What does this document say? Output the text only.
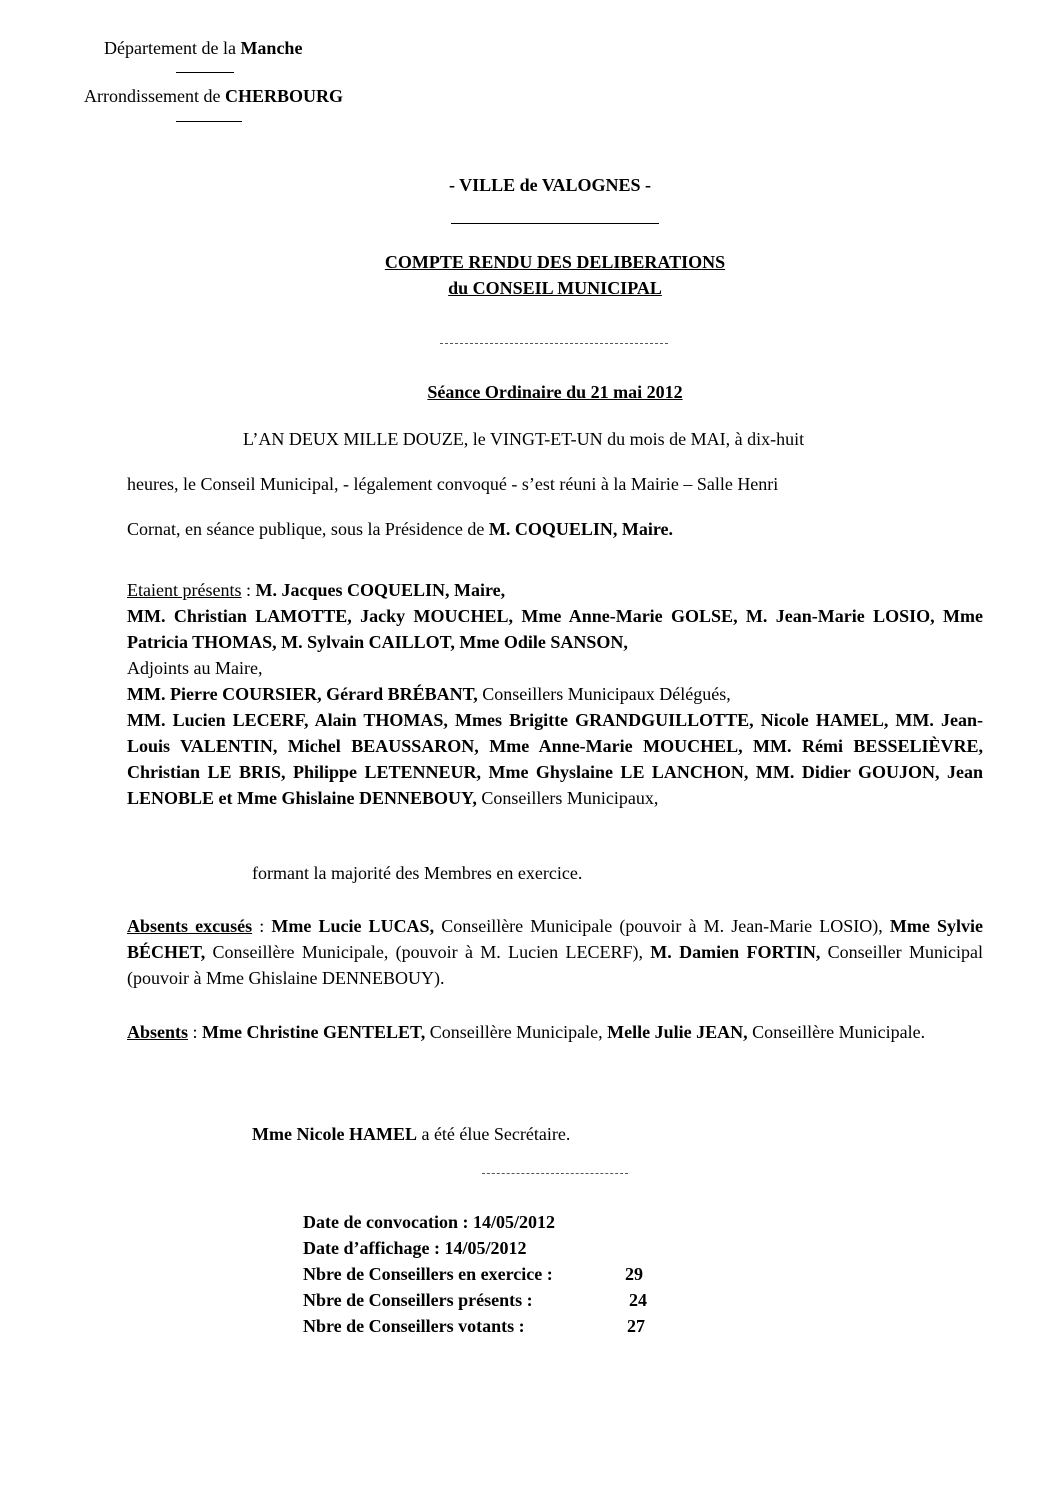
Département de la Manche
Arrondissement de CHERBOURG
- VILLE de VALOGNES -
COMPTE RENDU DES DELIBERATIONS
du CONSEIL MUNICIPAL
Séance Ordinaire du 21 mai 2012
L’AN DEUX MILLE DOUZE, le VINGT-ET-UN du mois de MAI, à dix-huit
heures, le Conseil Municipal, - légalement convoqué - s’est réuni à la Mairie – Salle Henri
Cornat, en séance publique, sous la Présidence de M. COQUELIN, Maire.
Etaient présents : M. Jacques COQUELIN, Maire,
MM. Christian LAMOTTE, Jacky MOUCHEL, Mme Anne-Marie GOLSE, M. Jean-Marie LOSIO, Mme Patricia THOMAS, M. Sylvain CAILLOT, Mme Odile SANSON,
Adjoints au Maire,
MM. Pierre COURSIER, Gérard BRÉBANT, Conseillers Municipaux Délégués,
MM. Lucien LECERF, Alain THOMAS, Mmes Brigitte GRANDGUILLOTTE, Nicole HAMEL, MM. Jean-Louis VALENTIN, Michel BEAUSSARON, Mme Anne-Marie MOUCHEL, MM. Rémi BESSELIÈVRE, Christian LE BRIS, Philippe LETENNEUR, Mme Ghyslaine LE LANCHON, MM. Didier GOUJON, Jean LENOBLE et Mme Ghislaine DENNEBOUY, Conseillers Municipaux,
formant la majorité des Membres en exercice.
Absents excusés : Mme Lucie LUCAS, Conseillère Municipale (pouvoir à M. Jean-Marie LOSIO), Mme Sylvie BÉCHET, Conseillère Municipale, (pouvoir à M. Lucien LECERF), M. Damien FORTIN, Conseiller Municipal (pouvoir à Mme Ghislaine DENNEBOUY).
Absents : Mme Christine GENTELET, Conseillère Municipale, Melle Julie JEAN, Conseillère Municipale.
Mme Nicole HAMEL a été élue Secrétaire.
Date de convocation : 14/05/2012
Date d’affichage : 14/05/2012
Nbre de Conseillers en exercice :	29
Nbre de Conseillers présents :	24
Nbre de Conseillers votants :	27
